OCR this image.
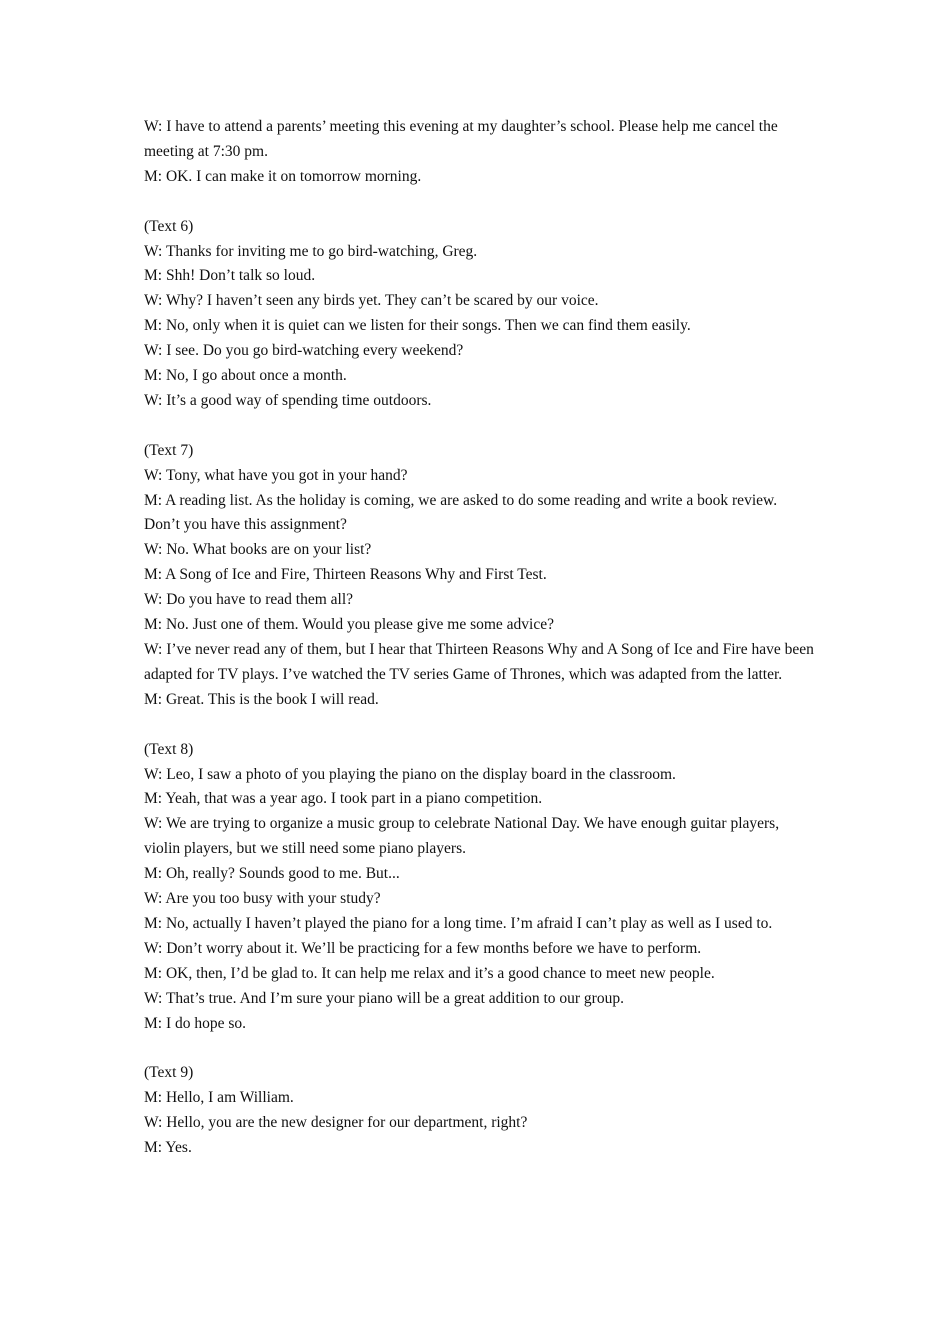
W: I have to attend a parents’ meeting this evening at my daughter’s school. Please help me cancel the meeting at 7:30 pm.

M: OK. I can make it on tomorrow morning.

(Text 6)

W: Thanks for inviting me to go bird-watching, Greg.

M: Shh! Don’t talk so loud.

W: Why? I haven’t seen any birds yet. They can’t be scared by our voice.

M: No, only when it is quiet can we listen for their songs. Then we can find them easily.

W: I see. Do you go bird-watching every weekend?

M: No, I go about once a month.

W: It’s a good way of spending time outdoors.

(Text 7)

W: Tony, what have you got in your hand?

M: A reading list. As the holiday is coming, we are asked to do some reading and write a book review. Don’t you have this assignment?

W: No. What books are on your list?

M: A Song of Ice and Fire, Thirteen Reasons Why and First Test.

W: Do you have to read them all?

M: No. Just one of them. Would you please give me some advice?

W: I’ve never read any of them, but I hear that Thirteen Reasons Why and A Song of Ice and Fire have been adapted for TV plays. I’ve watched the TV series Game of Thrones, which was adapted from the latter.

M: Great. This is the book I will read.

(Text 8)

W: Leo, I saw a photo of you playing the piano on the display board in the classroom.

M: Yeah, that was a year ago. I took part in a piano competition.

W: We are trying to organize a music group to celebrate National Day. We have enough guitar players, violin players, but we still need some piano players.

M: Oh, really? Sounds good to me. But...

W: Are you too busy with your study?

M: No, actually I haven’t played the piano for a long time. I’m afraid I can’t play as well as I used to.

W: Don’t worry about it. We’ll be practicing for a few months before we have to perform.

M: OK, then, I’d be glad to. It can help me relax and it’s a good chance to meet new people.

W: That’s true. And I’m sure your piano will be a great addition to our group.

M: I do hope so.

(Text 9)

M: Hello, I am William.

W: Hello, you are the new designer for our department, right?

M: Yes.
